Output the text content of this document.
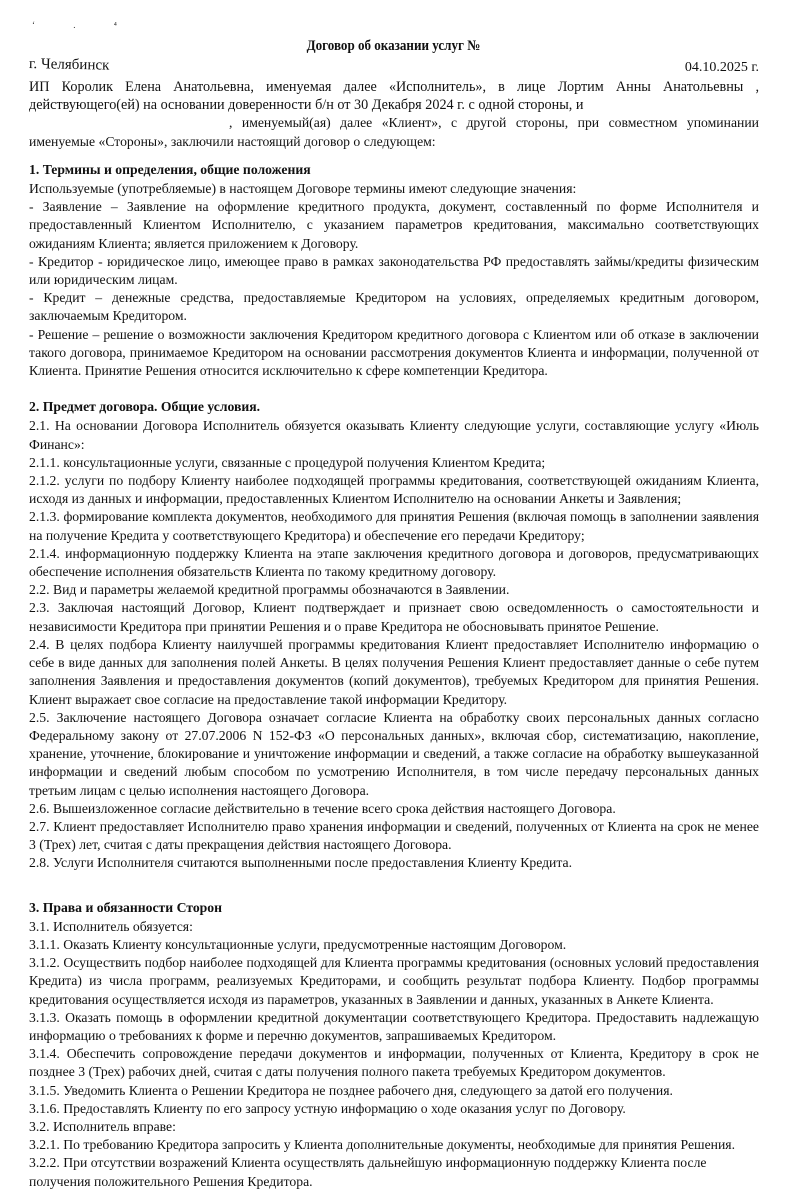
ʻ . ⁴
Договор об оказании услуг №
г. Челябинск	04.10.2025 г.

ИП Королик Елена Анатольевна, именуемая далее «Исполнитель», в лице Лортим Анны Анатольевны , действующего(ей) на основании доверенности б/н от 30 Декабря 2024 г. с одной стороны, и

, именуемый(ая) далее «Клиент», с другой стороны, при совместном упоминании именуемые «Стороны», заключили настоящий договор о следующем:

1. Термины и определения, общие положения

Используемые (употребляемые) в настоящем Договоре термины имеют следующие значения:

- Заявление – Заявление на оформление кредитного продукта, документ, составленный по форме Исполнителя и предоставленный Клиентом Исполнителю, с указанием параметров кредитования, максимально соответствующих ожиданиям Клиента; является приложением к Договору.

- Кредитор - юридическое лицо, имеющее право в рамках законодательства РФ предоставлять займы/кредиты физическим или юридическим лицам.

- Кредит – денежные средства, предоставляемые Кредитором на условиях, определяемых кредитным договором, заключаемым Кредитором.

- Решение – решение о возможности заключения Кредитором кредитного договора с Клиентом или об отказе в заключении такого договора, принимаемое Кредитором на основании рассмотрения документов Клиента и информации, полученной от Клиента. Принятие Решения относится исключительно к сфере компетенции Кредитора.

2. Предмет договора. Общие условия.

2.1. На основании Договора Исполнитель обязуется оказывать Клиенту следующие услуги, составляющие услугу «Июль Финанс»:

2.1.1. консультационные услуги, связанные с процедурой получения Клиентом Кредита;

2.1.2. услуги по подбору Клиенту наиболее подходящей программы кредитования, соответствующей ожиданиям Клиента, исходя из данных и информации, предоставленных Клиентом Исполнителю на основании Анкеты и Заявления;

2.1.3. формирование комплекта документов, необходимого для принятия Решения (включая помощь в заполнении заявления на получение Кредита у соответствующего Кредитора) и обеспечение его передачи Кредитору;

2.1.4. информационную поддержку Клиента на этапе заключения кредитного договора и договоров, предусматривающих обеспечение исполнения обязательств Клиента по такому кредитному договору.

2.2. Вид и параметры желаемой кредитной программы обозначаются в Заявлении.

2.3. Заключая настоящий Договор, Клиент подтверждает и признает свою осведомленность о самостоятельности и независимости Кредитора при принятии Решения и о праве Кредитора не обосновывать принятое Решение.

2.4. В целях подбора Клиенту наилучшей программы кредитования Клиент предоставляет Исполнителю информацию о себе в виде данных для заполнения полей Анкеты. В целях получения Решения Клиент предоставляет данные о себе путем заполнения Заявления и предоставления документов (копий документов), требуемых Кредитором для принятия Решения. Клиент выражает свое согласие на предоставление такой информации Кредитору.

2.5. Заключение настоящего Договора означает согласие Клиента на обработку своих персональных данных согласно Федеральному закону от 27.07.2006 N 152-ФЗ «О персональных данных», включая сбор, систематизацию, накопление, хранение, уточнение, блокирование и уничтожение информации и сведений, а также согласие на обработку вышеуказанной информации и сведений любым способом по усмотрению Исполнителя, в том числе передачу персональных данных третьим лицам с целью исполнения настоящего Договора.

2.6. Вышеизложенное согласие действительно в течение всего срока действия настоящего Договора.

2.7. Клиент предоставляет Исполнителю право хранения информации и сведений, полученных от Клиента на срок не менее 3 (Трех) лет, считая с даты прекращения действия настоящего Договора.

2.8. Услуги Исполнителя считаются выполненными после предоставления Клиенту Кредита.

3. Права и обязанности Сторон

3.1. Исполнитель обязуется:

3.1.1. Оказать Клиенту консультационные услуги, предусмотренные настоящим Договором.

3.1.2. Осуществить подбор наиболее подходящей для Клиента программы кредитования (основных условий предоставления Кредита) из числа программ, реализуемых Кредиторами, и сообщить результат подбора Клиенту. Подбор программы кредитования осуществляется исходя из параметров, указанных в Заявлении и данных, указанных в Анкете Клиента.

3.1.3. Оказать помощь в оформлении кредитной документации соответствующего Кредитора. Предоставить надлежащую информацию о требованиях к форме и перечню документов, запрашиваемых Кредитором.

3.1.4. Обеспечить сопровождение передачи документов и информации, полученных от Клиента, Кредитору в срок не позднее 3 (Трех) рабочих дней, считая с даты получения полного пакета требуемых Кредитором документов.

3.1.5. Уведомить Клиента о Решении Кредитора не позднее рабочего дня, следующего за датой его получения.

3.1.6. Предоставлять Клиенту по его запросу устную информацию о ходе оказания услуг по Договору.

3.2. Исполнитель вправе:

3.2.1. По требованию Кредитора запросить у Клиента дополнительные документы, необходимые для принятия Решения.

3.2.2. При отсутствии возражений Клиента осуществлять дальнейшую информационную поддержку Клиента после получения положительного Решения Кредитора.
